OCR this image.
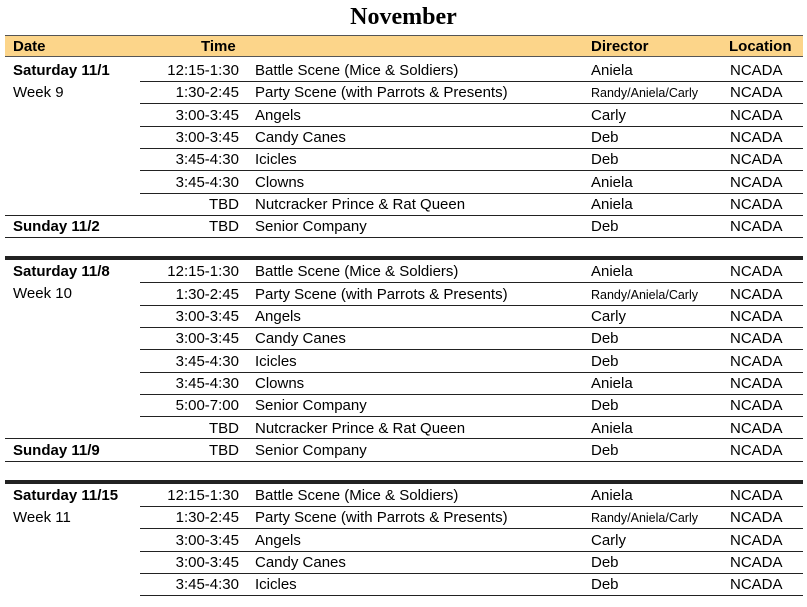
November
Date	Time	Director	Location
Saturday 11/1
Week 9
12:15-1:30 Battle Scene (Mice & Soldiers)	Aniela	NCADA
1:30-2:45 Party Scene (with Parrots & Presents)	Randy/Aniela/Carly NCADA
3:00-3:45 Angels	Carly	NCADA
3:00-3:45 Candy Canes	Deb	NCADA
3:45-4:30 Icicles	Deb	NCADA
3:45-4:30 Clowns	Aniela	NCADA
TBD Nutcracker Prince & Rat Queen	Aniela	NCADA
Sunday 11/2	TBD Senior Company	Deb	NCADA
Saturday 11/8
Week 10
12:15-1:30 Battle Scene (Mice & Soldiers)	Aniela	NCADA
1:30-2:45 Party Scene (with Parrots & Presents)	Randy/Aniela/Carly NCADA
3:00-3:45 Angels	Carly	NCADA
3:00-3:45 Candy Canes	Deb	NCADA
3:45-4:30 Icicles	Deb	NCADA
3:45-4:30 Clowns	Aniela	NCADA
5:00-7:00 Senior Company	Deb	NCADA
TBD Nutcracker Prince & Rat Queen	Aniela	NCADA
Sunday 11/9	TBD Senior Company	Deb	NCADA
Saturday 11/15
Week 11
12:15-1:30 Battle Scene (Mice & Soldiers)	Aniela	NCADA
1:30-2:45 Party Scene (with Parrots & Presents)	Randy/Aniela/Carly NCADA
3:00-3:45 Angels	Carly	NCADA
3:00-3:45 Candy Canes	Deb	NCADA
3:45-4:30 Icicles	Deb	NCADA
